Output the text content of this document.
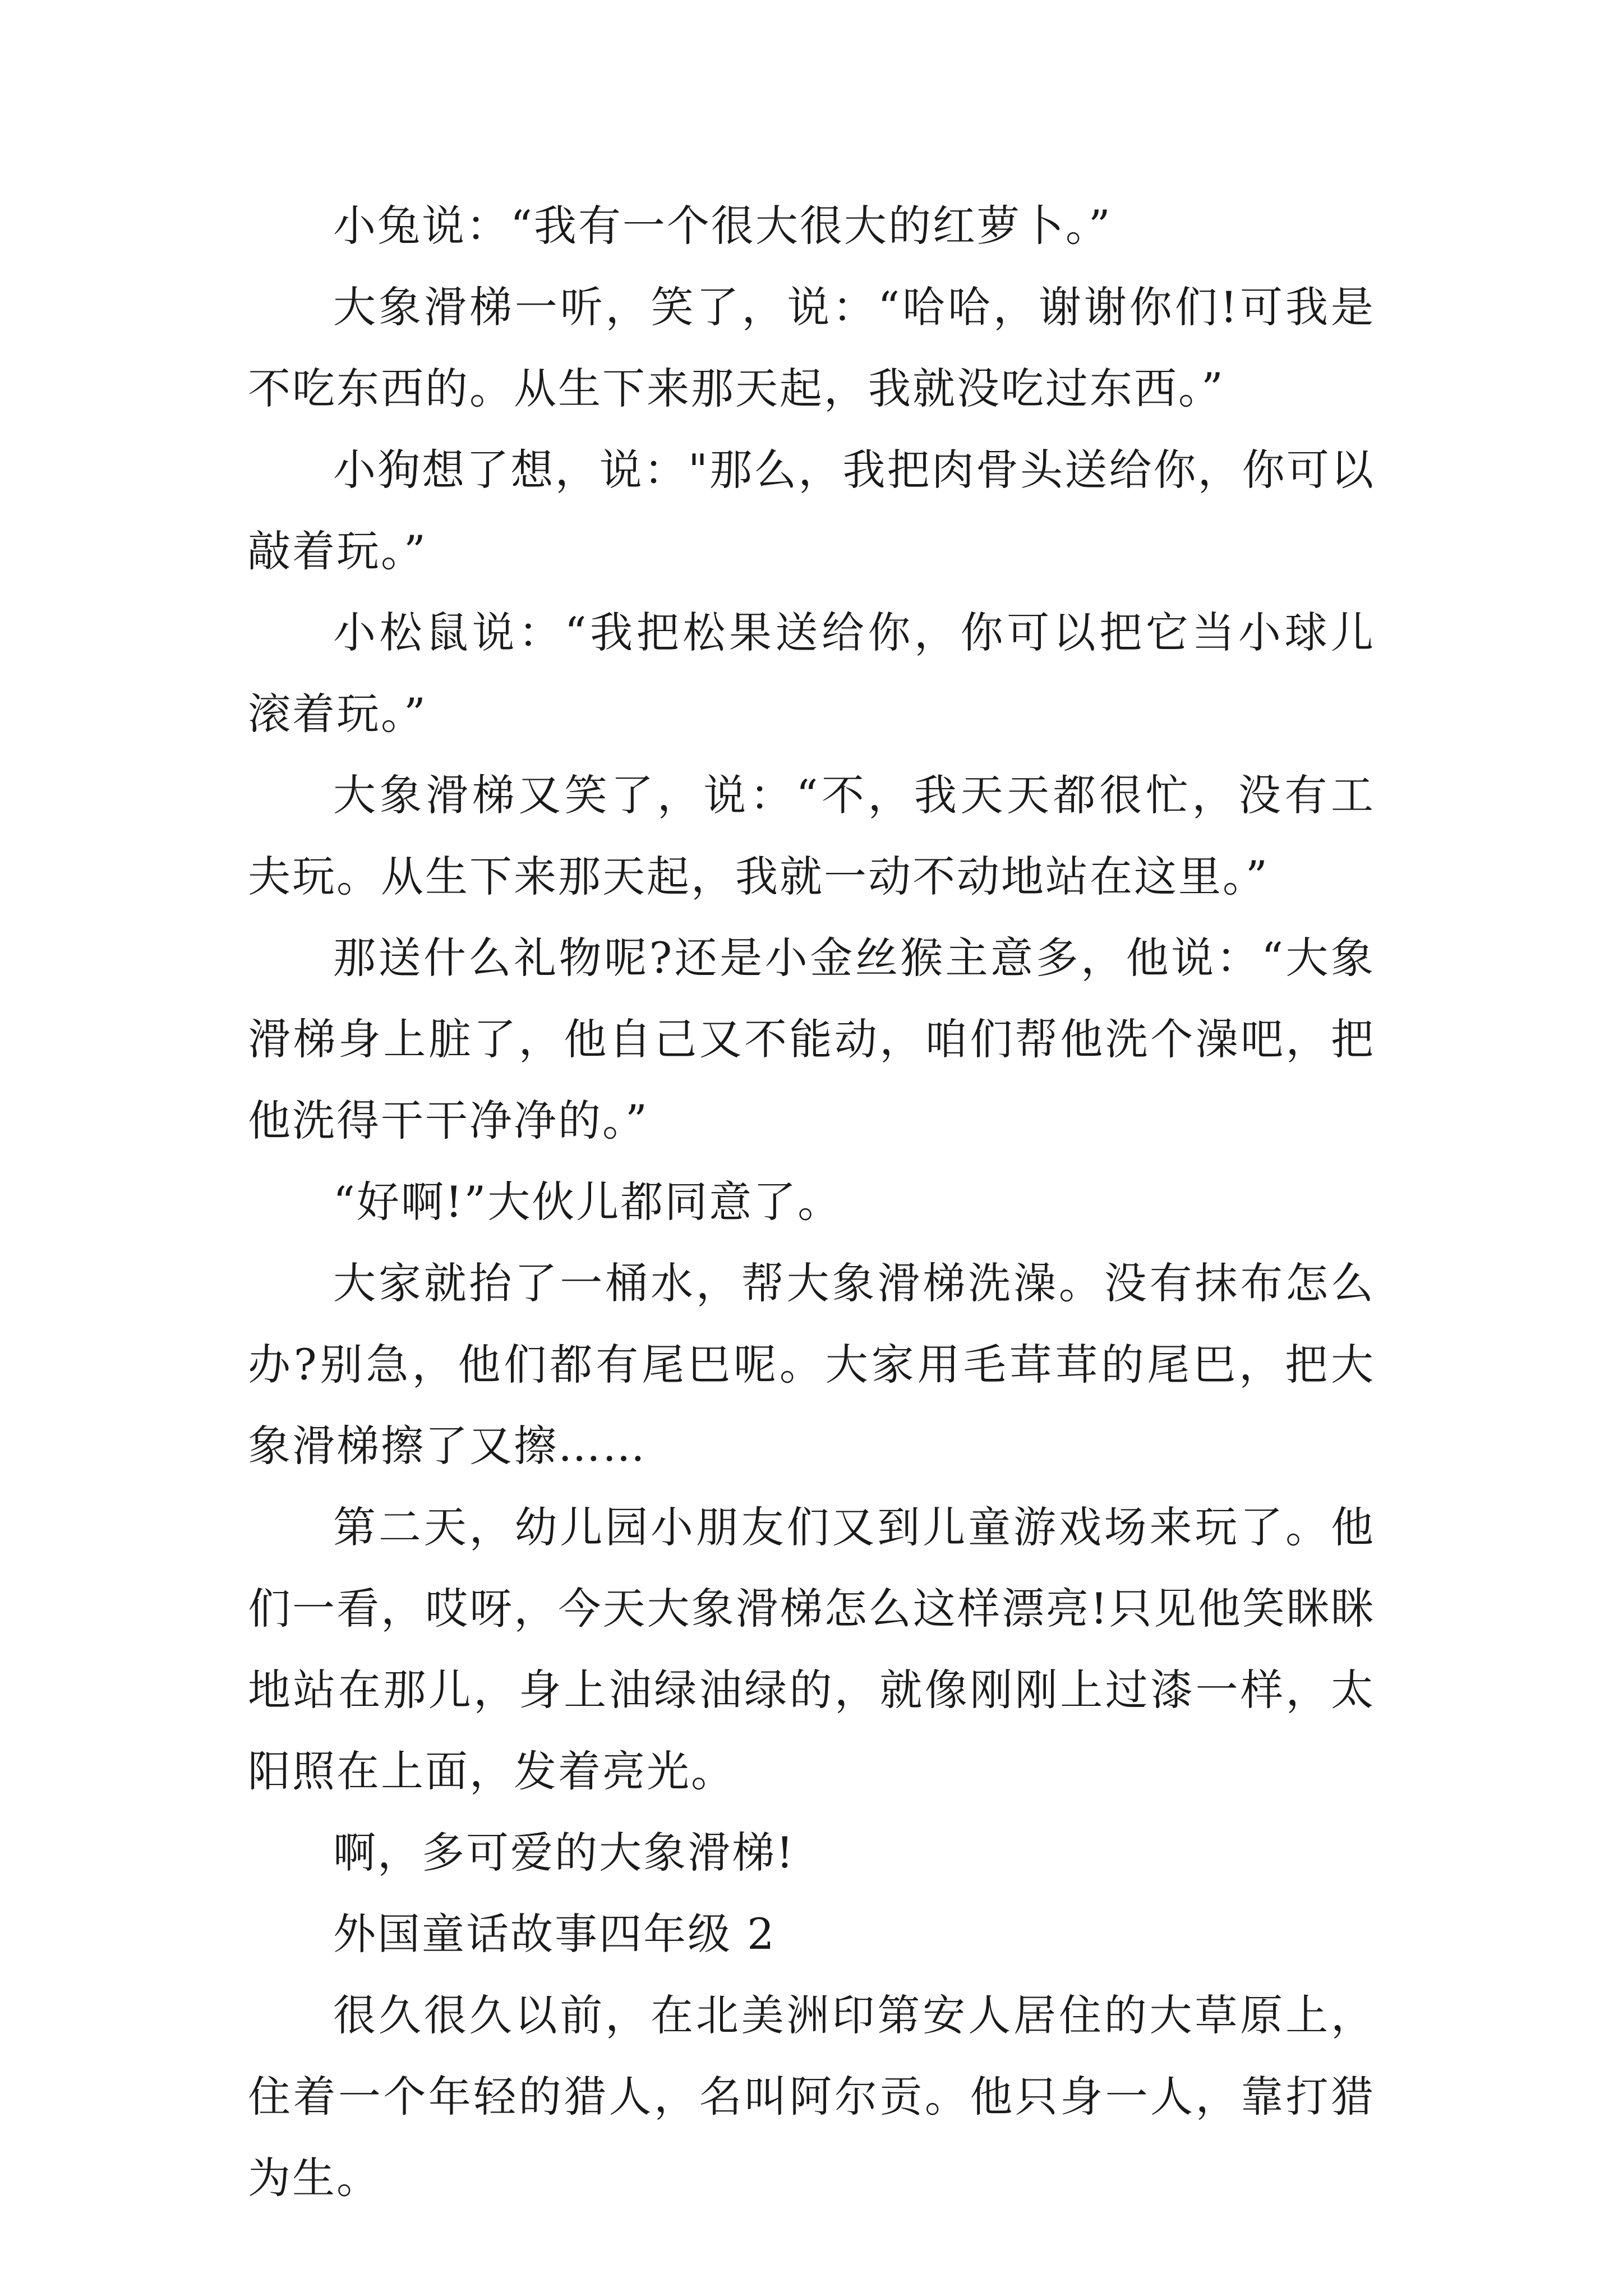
小兔说：“我有一个很大很大的红萝卜。”

大象滑梯一听，笑了，说：“哈哈，谢谢你们!可我是不吃东西的。从生下来那天起，我就没吃过东西。”

小狗想了想，说："那么，我把肉骨头送给你，你可以敲着玩。”

小松鼠说：“我把松果送给你，你可以把它当小球儿滚着玩。”

大象滑梯又笑了，说：“不，我天天都很忙，没有工夫玩。从生下来那天起，我就一动不动地站在这里。”

那送什么礼物呢?还是小金丝猴主意多，他说：“大象滑梯身上脏了，他自己又不能动，咱们帮他洗个澡吧，把他洗得干干净净的。”

“好啊!”大伙儿都同意了。

大家就抬了一桶水，帮大象滑梯洗澡。没有抹布怎么办?别急，他们都有尾巴呢。大家用毛茸茸的尾巴，把大象滑梯擦了又擦……

第二天，幼儿园小朋友们又到儿童游戏场来玩了。他们一看，哎呀，今天大象滑梯怎么这样漂亮!只见他笑眯眯地站在那儿，身上油绿油绿的，就像刚刚上过漆一样，太阳照在上面，发着亮光。

啊，多可爱的大象滑梯!

外国童话故事四年级 2

很久很久以前，在北美洲印第安人居住的大草原上，住着一个年轻的猎人，名叫阿尔贡。他只身一人，靠打猎为生。
